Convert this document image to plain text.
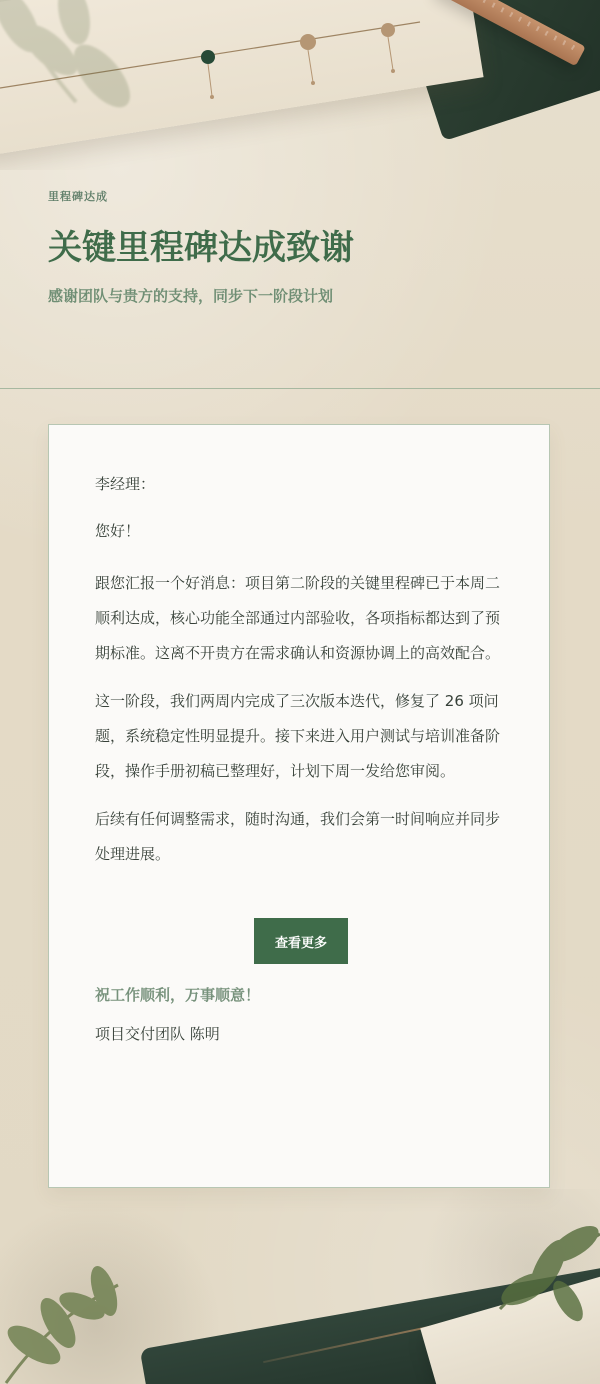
里程碑达成

关键里程碑达成致谢

感谢团队与贵方的支持，同步下一阶段计划

李经理：

您好！

跟您汇报一个好消息：项目第二阶段的关键里程碑已于本周二顺利达成，核心功能全部通过内部验收，各项指标都达到了预期标准。这离不开贵方在需求确认和资源协调上的高效配合。

这一阶段，我们两周内完成了三次版本迭代，修复了 26 项问题，系统稳定性明显提升。接下来进入用户测试与培训准备阶段，操作手册初稿已整理好，计划下周一发给您审阅。

后续有任何调整需求，随时沟通，我们会第一时间响应并同步处理进展。

查看更多

祝工作顺利，万事顺意！

项目交付团队 陈明
